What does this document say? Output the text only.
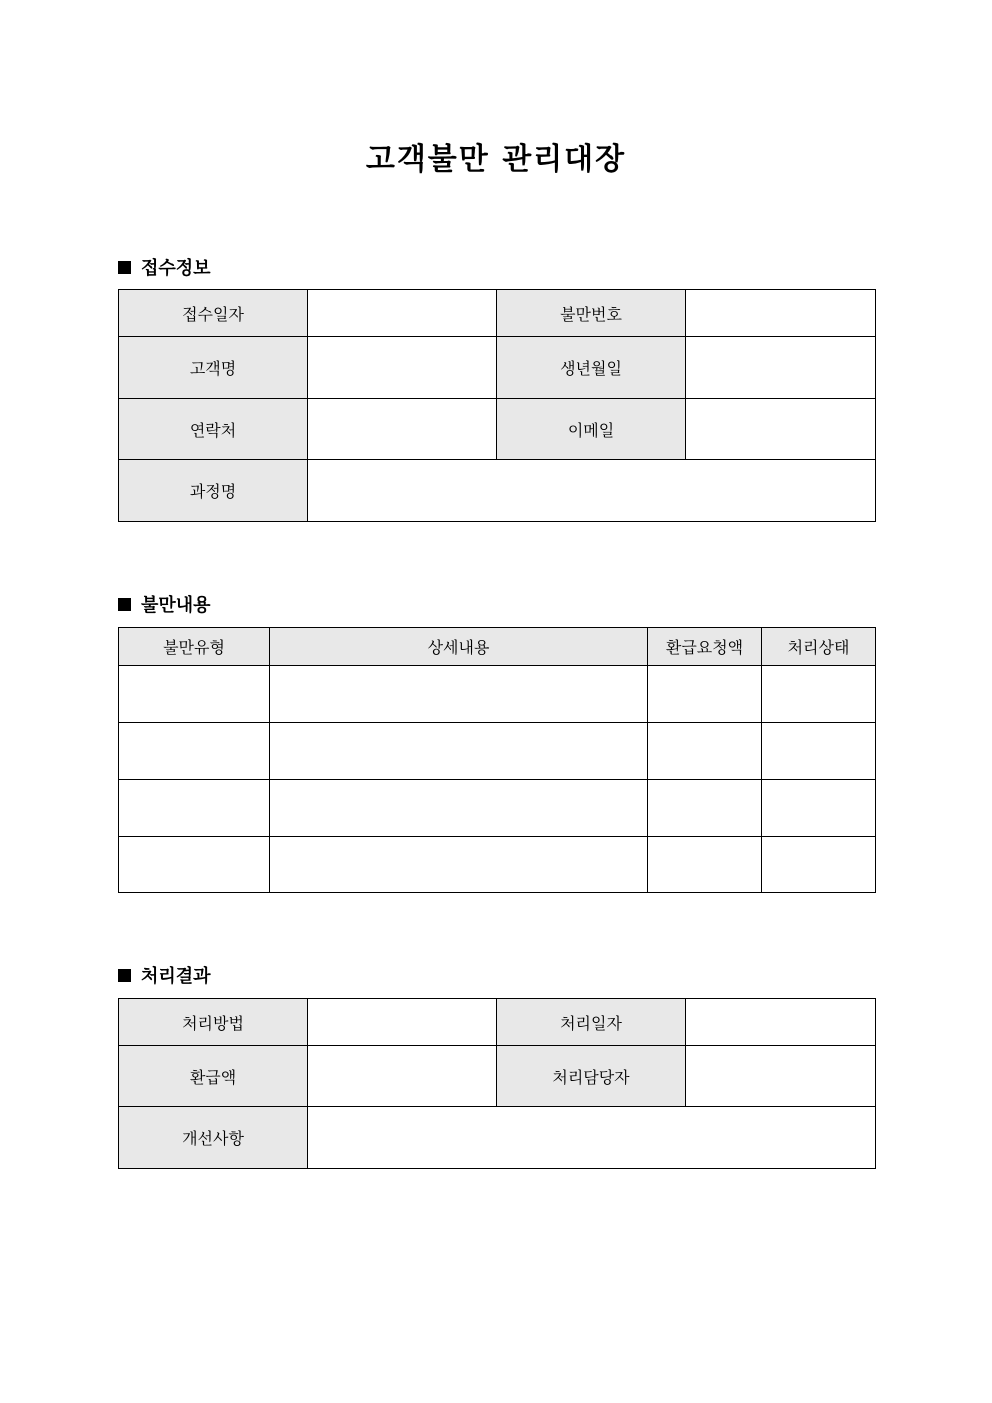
고객불만 관리대장
접수정보
접수일자		불만번호	
고객명		생년월일	
연락처		이메일	
과정명			
불만내용
불만유형	상세내용	환급요청액	처리상태

처리결과
처리방법		처리일자	
환급액		처리담당자	
개선사항			
